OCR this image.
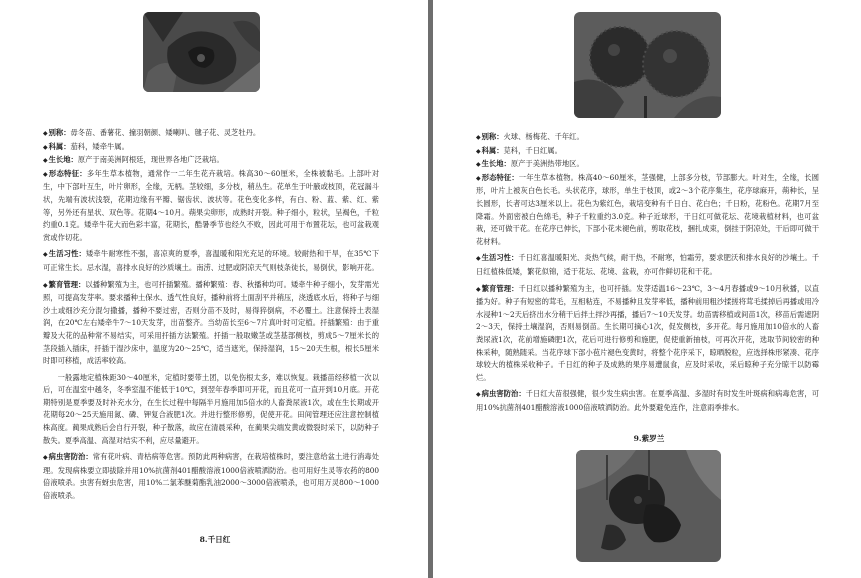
◆ 别称：毋冬苗、番薯花、撞羽朝颜、矮喇叭、毽子花、灵芝牡丹。

◆ 科属：茄科，矮牵牛属。

◆ 生长地：原产于南美洲阿根廷，现世界各地广泛栽培。

◆ 形态特征：多年生草本植物，通常作一二年生花卉栽培。株高30～60厘米，全株被黏毛。上部叶对生，中下部叶互生，叶片卵形，全缘，无柄。茎较细，多分枝，稍丛生。花单生于叶腋或枝顶，花冠漏斗状，先端有波状浅裂，花期边缘有平瓣、锯齿状、波状等。花色变化多样，有白、粉、蓝、紫、红、紫等，另外还有星状、双色等。花期4～10月。蒴果尖卵形，成熟时开裂。种子细小，粒状，呈褐色，千粒约重0.1克。矮牵牛花大而色彩丰富，花期长，酷暑季节也经久不败，因此可用于布置花坛，也可盆栽观赏或作切花。

◆ 生活习性：矮牵牛耐寒性不强，喜凉爽的夏季，喜温暖和阳光充足的环境。较耐热和干旱，在35℃下可正常生长。忌水湿，喜排水良好的沙质壤土。南涝、过肥或阴凉天气则枝条徒长，易倒伏，影响开花。

◆ 繁育管理：以播种繁殖为主，也可扦插繁殖。播种繁殖：春、秋播种均可。矮牵牛种子细小，发芽需光照，可提高发芽率。要求播种土保水、透气性良好，播种前将土面刮平并稍压，浇透底水后，将种子与细沙土或细沙充分混匀撒播，播种不要过密，否则分苗不及时，易得猝倒病，不必覆土。注意保持土表湿润，在20℃左右矮牵牛7～10天发芽，出苗整齐。当幼苗长至6～7片真叶时可定植。扦插繁殖：由于重瓣及大花的品种常不易结实，可采用扦插方法繁殖。扦插一般取嫩茎或茎基部侧枝，剪成5～7厘米长的茎段插入插床，扦插于湿沙床中，温度为20～25℃，适当遮光，保持湿润，15～20天生根，根长5厘米时即可移植，成活率较高。

一般露地定植株距30～40厘米，定植时要带土团，以免伤根太多，难以恢复。栽播苗经移植一次以后，可在温室中越冬，冬季室温不能低于10℃，到翌年春季即可开花，而且花可一直开到10月底。开花期特别是夏季要及时补充水分，在生长过程中每隔半月施用加5倍水的人畜粪尿液1次，或在生长期或开花期每20～25天施用氮、磷、钾复合液肥1次。并进行整形修剪，促使开花。田间管理还应注意控制植株高度。蔺果成熟后会自行开裂，种子散落，故应在清晨采种，在蔺果尖端发黄或微裂时采下，以防种子散失。夏季高温、高湿对结实不利，应尽量避开。

◆ 病虫害防治：常有花叶病、青枯病等危害。预防此两种病害，在栽培植株时，要注意给盆土进行消毒处理。发现病株要立即拔除并用10%抗菌剂401醋酸溶液1000倍液喷洒防治。也可用好生灵等农药的800倍液喷杀。虫害有蚜虫危害，用10%二氯苯醚菊酯乳油2000～3000倍液喷杀，也可用万灵800～1000倍液喷杀。

8.千日红

◆ 别称：火球、杨梅花、千年红。

◆ 科属：苋科，千日红属。

◆ 生长地：原产于美洲热带地区。

◆ 形态特征：一年生草本植物。株高40～60厘米，茎强健，上部多分枝，节部膨大。叶对生，全缘，长圆形，叶片上被灰白色长毛。头状花序，球形，单生于枝顶，或2～3个花序集生，花序球麻开，蒴种长，呈长圆形，长者可达3厘米以上。花色为紫红色，栽培变种有千日白、花白色；千日粉，花粉色。花期7月至降霜。外面密被白色绵毛，种子千粒重约3.0克。种子近球形，干日红可做花坛、花境栽植材料，也可盆栽，还可做干花。在花序已伸长，下部小花未褪色前，剪取花枝，捆扎成束，倒挂于阴凉处，干后即可做干花材料。

◆ 生活习性：千日红喜温暖阳光、炎热气候，耐干热，不耐寒，怕霜劳，要求肥沃和排水良好的沙壤土。千日红植株低矮，繁花似锦，适于花坛、花境、盆栽，亦可作鲜切花和干花。

◆ 繁育管理：千日红以播种繁殖为主，也可扦插。发芽适温16～23℃，3～4月春播或9～10月秋播，以直播为好。种子有短密的茸毛，互相粘连，不易播种且发芽率低，播种前用粗沙揉搓将茸毛揉掉后再播或用冷水浸种1～2天后挤出水分稍干后拌土拌沙再播，播后7～10天发芽。幼苗需移植或间苗1次，移苗后需遮阴2～3天，保持土壤湿润，否则易倒苗。生长期可摘心1次，促发侧枝，多开花。每月施用加10倍水的人畜粪尿液1次，花前增施磷肥1次，花后可进行修剪和施肥，促使重新抽枝，可再次开花，选取节间较密的种株采种，随熟随采。当花序球下部小苞片褪色变黄时，将整个花序采下，晾晒脱粒，应选择株形紧凑、花序球较大的植株采收种子。千日红的种子及成熟的果序易遭鼠食，应及时采收，采后晾种子充分晾干以防霉烂。

◆ 病虫害防治：千日红大苗很强健，很少发生病虫害。在夏季高温、多湿时有时发生叶斑病和病毒危害，可用10%抗菌剂401醋酸溶液1000倍液喷洒防治。此外要避免连作，注意雨季排水。

9.紫罗兰
